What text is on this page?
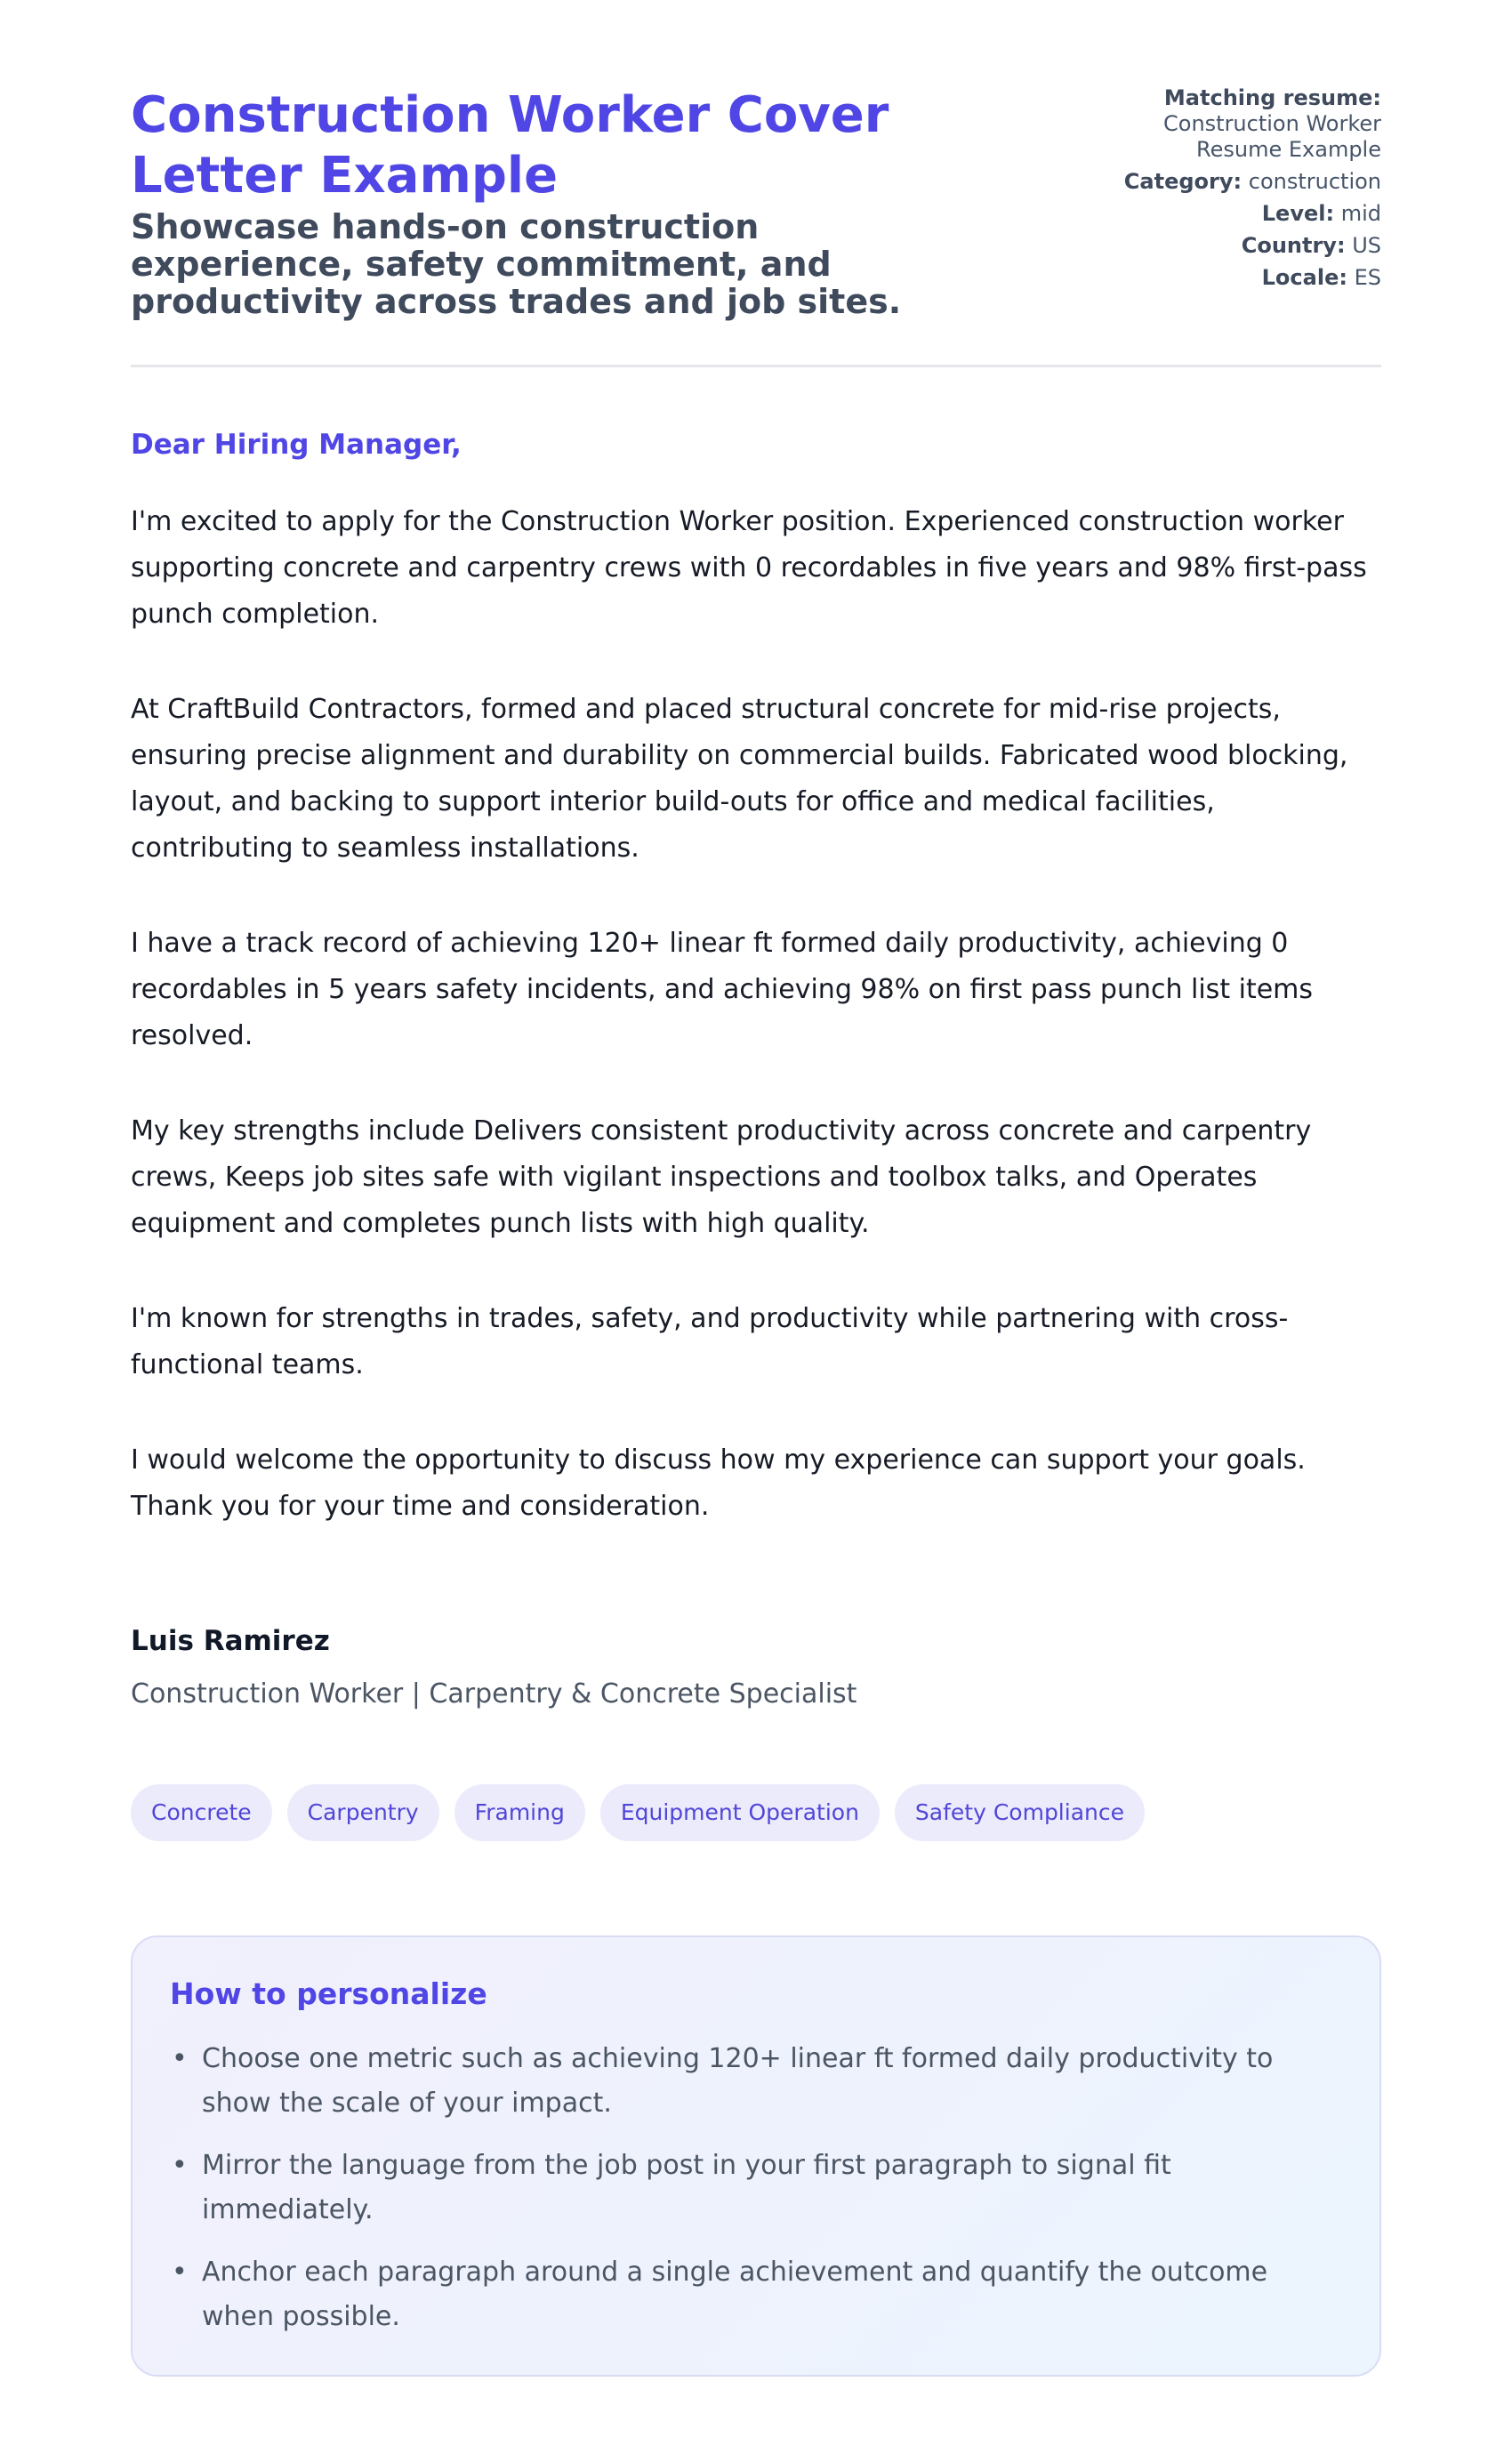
Construction Worker Cover Letter Example
Showcase hands-on construction experience, safety commitment, and productivity across trades and job sites.
Matching resume:
Construction Worker
Resume Example
Category: construction
Level: mid
Country: US
Locale: ES

Dear Hiring Manager,

I'm excited to apply for the Construction Worker position. Experienced construction worker supporting concrete and carpentry crews with 0 recordables in five years and 98% first-pass punch completion.

At CraftBuild Contractors, formed and placed structural concrete for mid-rise projects, ensuring precise alignment and durability on commercial builds. Fabricated wood blocking, layout, and backing to support interior build-outs for office and medical facilities, contributing to seamless installations.

I have a track record of achieving 120+ linear ft formed daily productivity, achieving 0 recordables in 5 years safety incidents, and achieving 98% on first pass punch list items resolved.

My key strengths include Delivers consistent productivity across concrete and carpentry crews, Keeps job sites safe with vigilant inspections and toolbox talks, and Operates equipment and completes punch lists with high quality.

I'm known for strengths in trades, safety, and productivity while partnering with cross-functional teams.

I would welcome the opportunity to discuss how my experience can support your goals. Thank you for your time and consideration.

Luis Ramirez
Construction Worker | Carpentry & Concrete Specialist
Concrete	Carpentry	Framing	Equipment Operation	Safety Compliance
How to personalize
• Choose one metric such as achieving 120+ linear ft formed daily productivity to show the scale of your impact.
• Mirror the language from the job post in your first paragraph to signal fit immediately.
• Anchor each paragraph around a single achievement and quantify the outcome when possible.
